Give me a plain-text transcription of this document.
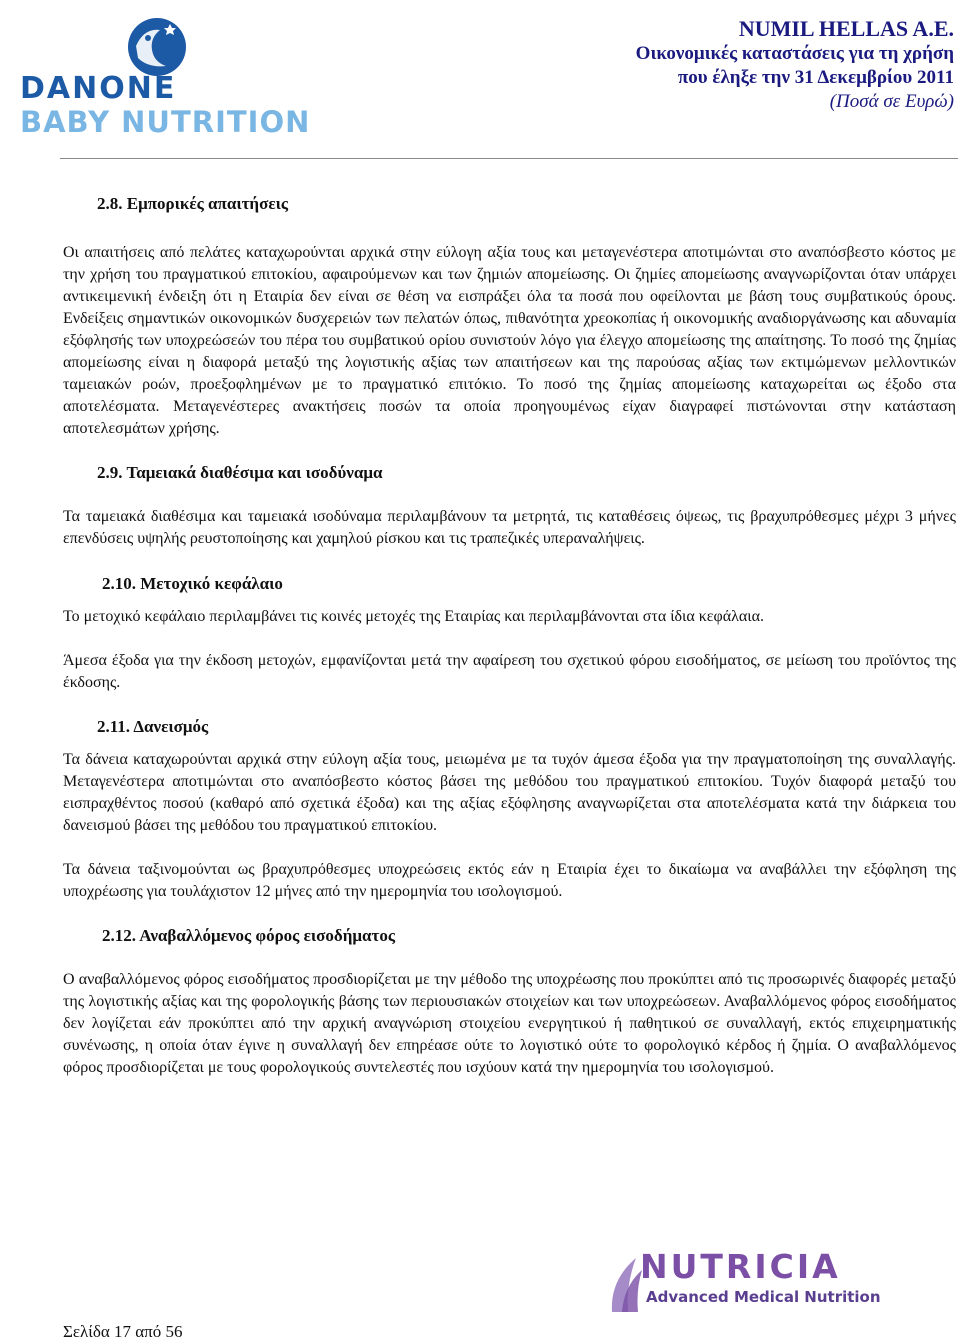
DANONE

BABY NUTRITION

NUMIL HELLAS A.E.

Οικονομικές καταστάσεις για τη χρήση

που έληξε την 31 Δεκεμβρίου 2011

(Ποσά σε Ευρώ)

2.8. Εμπορικές απαιτήσεις

Οι απαιτήσεις από πελάτες καταχωρούνται αρχικά στην εύλογη αξία τους και μεταγενέστερα αποτιμώνται στο αναπόσβεστο κόστος με την χρήση του πραγματικού επιτοκίου, αφαιρούμενων και των ζημιών απομείωσης. Οι ζημίες απομείωσης αναγνωρίζονται όταν υπάρχει αντικειμενική ένδειξη ότι η Εταιρία δεν είναι σε θέση να εισπράξει όλα τα ποσά που οφείλονται με βάση τους συμβατικούς όρους. Ενδείξεις σημαντικών οικονομικών δυσχερειών των πελατών όπως, πιθανότητα χρεοκοπίας ή οικονομικής αναδιοργάνωσης και αδυναμία εξόφλησής των υποχρεώσεών του πέρα του συμβατικού ορίου συνιστούν λόγο για έλεγχο απομείωσης της απαίτησης. Το ποσό της ζημίας απομείωσης είναι η διαφορά μεταξύ της λογιστικής αξίας των απαιτήσεων και της παρούσας αξίας των εκτιμώμενων μελλοντικών ταμειακών ροών, προεξοφλημένων με το πραγματικό επιτόκιο. Το ποσό της ζημίας απομείωσης καταχωρείται ως έξοδο στα αποτελέσματα. Μεταγενέστερες ανακτήσεις ποσών τα οποία προηγουμένως είχαν διαγραφεί πιστώνονται στην κατάσταση αποτελεσμάτων χρήσης.

2.9. Ταμειακά διαθέσιμα και ισοδύναμα

Τα ταμειακά διαθέσιμα και ταμειακά ισοδύναμα περιλαμβάνουν τα μετρητά, τις καταθέσεις όψεως, τις βραχυπρόθεσμες μέχρι 3 μήνες επενδύσεις υψηλής ρευστοποίησης και χαμηλού ρίσκου και τις τραπεζικές υπεραναλήψεις.

2.10. Μετοχικό κεφάλαιο

Το μετοχικό κεφάλαιο περιλαμβάνει τις κοινές μετοχές της Εταιρίας και περιλαμβάνονται στα ίδια κεφάλαια.

Άμεσα έξοδα για την έκδοση μετοχών, εμφανίζονται μετά την αφαίρεση του σχετικού φόρου εισοδήματος, σε μείωση του προϊόντος της έκδοσης.

2.11. Δανεισμός

Τα δάνεια καταχωρούνται αρχικά στην εύλογη αξία τους, μειωμένα με τα τυχόν άμεσα έξοδα για την πραγματοποίηση της συναλλαγής. Μεταγενέστερα αποτιμώνται στο αναπόσβεστο κόστος βάσει της μεθόδου του πραγματικού επιτοκίου. Τυχόν διαφορά μεταξύ του εισπραχθέντος ποσού (καθαρό από σχετικά έξοδα) και της αξίας εξόφλησης αναγνωρίζεται στα αποτελέσματα κατά την διάρκεια του δανεισμού βάσει της μεθόδου του πραγματικού επιτοκίου.

Τα δάνεια ταξινομούνται ως βραχυπρόθεσμες υποχρεώσεις εκτός εάν η Εταιρία έχει το δικαίωμα να αναβάλλει την εξόφληση της υποχρέωσης για τουλάχιστον 12 μήνες από την ημερομηνία του ισολογισμού.

2.12. Αναβαλλόμενος φόρος εισοδήματος

Ο αναβαλλόμενος φόρος εισοδήματος προσδιορίζεται με την μέθοδο της υποχρέωσης που προκύπτει από τις προσωρινές διαφορές μεταξύ της λογιστικής αξίας και της φορολογικής βάσης των περιουσιακών στοιχείων και των υποχρεώσεων. Αναβαλλόμενος φόρος εισοδήματος δεν λογίζεται εάν προκύπτει από την αρχική αναγνώριση στοιχείου ενεργητικού ή παθητικού σε συναλλαγή, εκτός επιχειρηματικής συνένωσης, η οποία όταν έγινε η συναλλαγή δεν επηρέασε ούτε το λογιστικό ούτε το φορολογικό κέρδος ή ζημία. Ο αναβαλλόμενος φόρος προσδιορίζεται με τους φορολογικούς συντελεστές που ισχύουν κατά την ημερομηνία του ισολογισμού.

NUTRICIA

Advanced Medical Nutrition

Σελίδα 17 από 56
